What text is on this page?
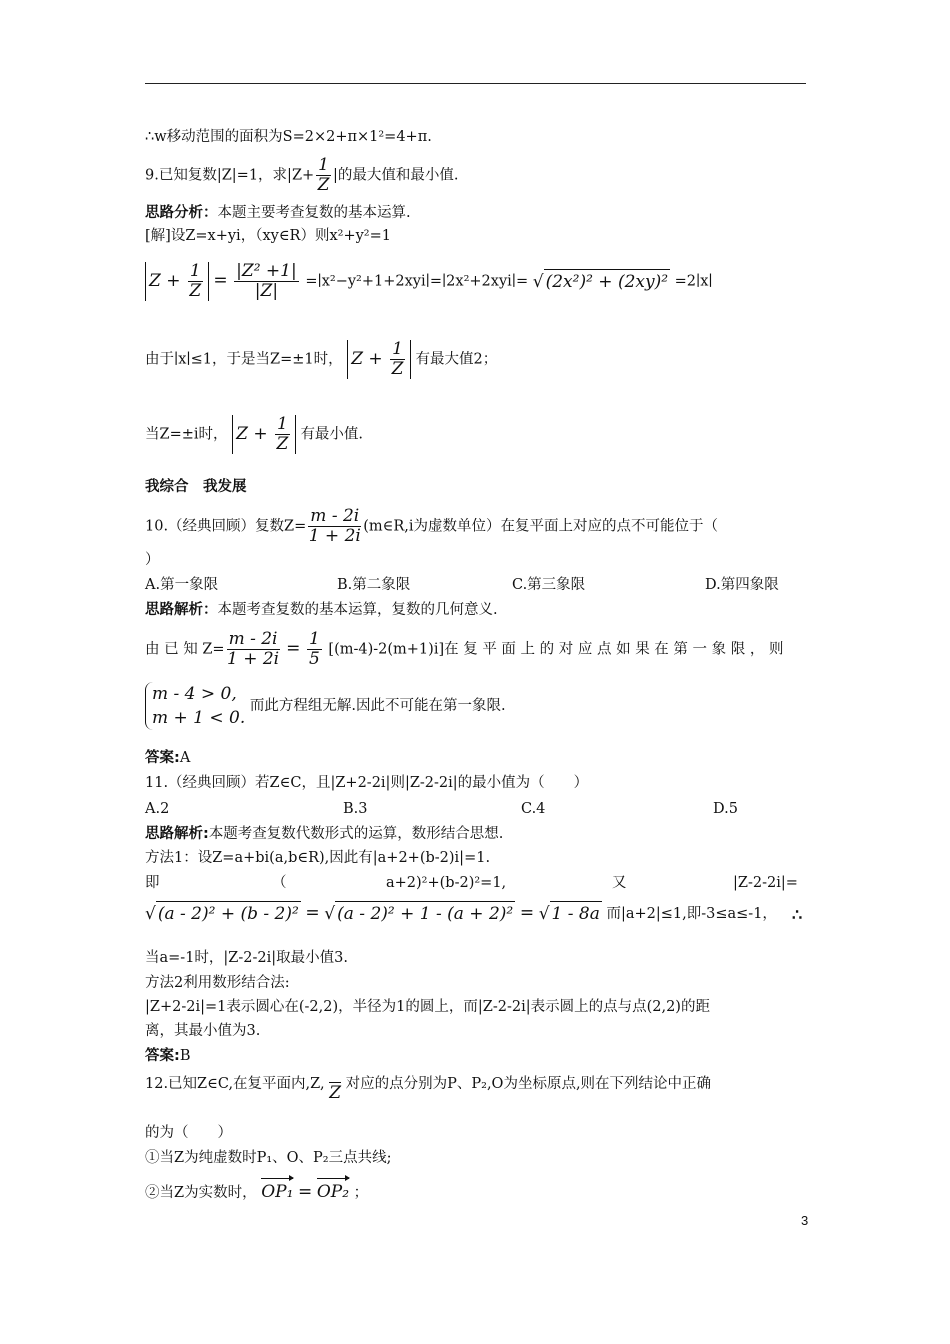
∴w移动范围的面积为S=2×2+π×1²=4+π.
9.已知复数|Z|=1，求$|Z+ \frac{1}{Z}$ |的最大值和最小值.
思路分析：本题主要考查复数的基本运算.
[解]设Z=x+yi，（xy∈R）则x²+y²=1
$Z + \frac{1}{Z} = \frac{\text{|Z² +1|}}{|Z|}$ =∣x²−y²+1+2xyi∣=∣2x²+2xyi∣= √ (2x²)² + (2xy)² =2∣x∣
由于∣x∣≤1，于是当Z=±1时， $Z + \frac{1}{Z}$ 有最大值2；
当Z=±i时， $Z + \frac{1}{Z}$ 有最小值.
我综合　我发展
10.（经典回顾）复数$Z= \frac{m - 2i}{1 + 2i}$ (m∈R,i为虚数单位）在复平面上对应的点不可能位于（
）
A.第一象限	B.第二象限	C.第三象限	D.第四象限
思路解析：本题考查复数的基本运算，复数的几何意义.
由 已 知 $Z= \frac{m - 2i}{1 + 2i} = \frac{1}{5} [(m-4)-2(m+1)i]$在 复 平 面 上 的 对 应 点 如 果 在 第 一 象 限 ， 则
m - 4 > 0,
m + 1 < 0.
而此方程组无解.因此不可能在第一象限.
答案:A
11.（经典回顾）若Z∈C，且|Z+2-2i|则|Z-2-2i|的最小值为（　　）
A.2	B.3	C.4	D.5
思路解析:本题考查复数代数形式的运算，数形结合思想.
方法1：设Z=a+bi(a,b∈R),因此有|a+2+(b-2)i|=1.
即	（	a+2)²+(b-2)²=1,	又	|Z-2-2i|=
√ (a - 2)² + (b - 2)² = √ (a - 2)² + 1 - (a + 2)² = √ 1 - 8a 而|a+2|≤1,即-3≤a≤-1， ∴
当a=-1时，|Z-2-2i|取最小值3.
方法2利用数形结合法:
|Z+2-2i|=1表示圆心在(-2,2)，半径为1的圆上，而|Z-2-2i|表示圆上的点与点(2,2)的距
离，其最小值为3.
答案:B
12.已知Z∈C,在复平面内,Z, Z 对应的点分别为P、P₂,O为坐标原点,则在下列结论中正确
的为（　　）
①当Z为纯虚数时P₁、O、P₂三点共线;
②当Z为实数时， OP₁ = OP₂ ；
3
